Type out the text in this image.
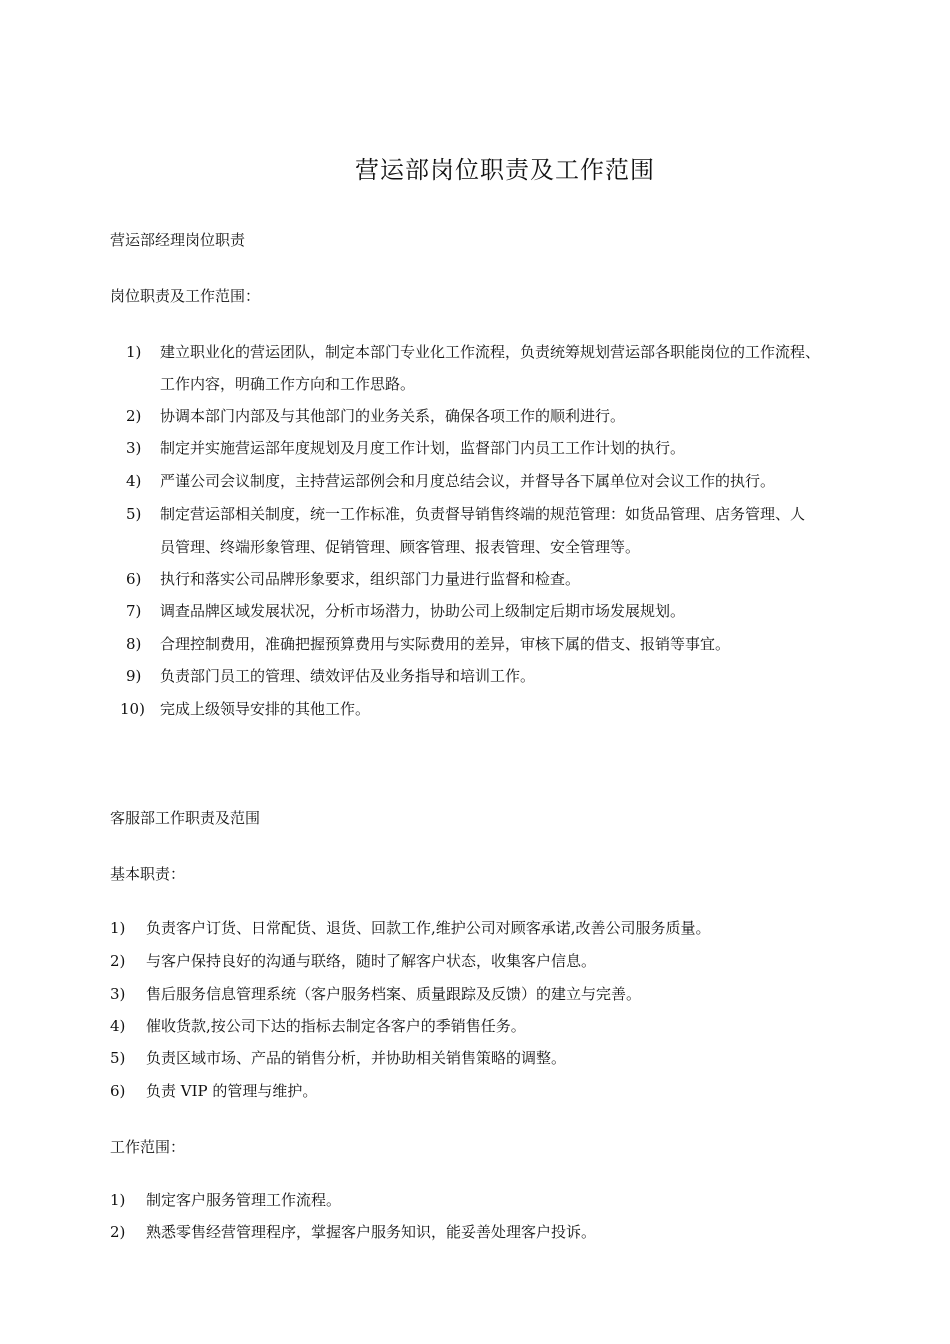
营运部岗位职责及工作范围
营运部经理岗位职责
岗位职责及工作范围：
1) 建立职业化的营运团队，制定本部门专业化工作流程，负责统筹规划营运部各职能岗位的工作流程、
工作内容，明确工作方向和工作思路。
2) 协调本部门内部及与其他部门的业务关系，确保各项工作的顺利进行。
3) 制定并实施营运部年度规划及月度工作计划，监督部门内员工工作计划的执行。
4) 严谨公司会议制度，主持营运部例会和月度总结会议，并督导各下属单位对会议工作的执行。
5) 制定营运部相关制度，统一工作标准，负责督导销售终端的规范管理：如货品管理、店务管理、人
员管理、终端形象管理、促销管理、顾客管理、报表管理、安全管理等。
6) 执行和落实公司品牌形象要求，组织部门力量进行监督和检查。
7) 调查品牌区域发展状况，分析市场潜力，协助公司上级制定后期市场发展规划。
8) 合理控制费用，准确把握预算费用与实际费用的差异，审核下属的借支、报销等事宜。
9) 负责部门员工的管理、绩效评估及业务指导和培训工作。
10) 完成上级领导安排的其他工作。
客服部工作职责及范围
基本职责：
1) 负责客户订货、日常配货、退货、回款工作,维护公司对顾客承诺,改善公司服务质量。
2) 与客户保持良好的沟通与联络，随时了解客户状态，收集客户信息。
3) 售后服务信息管理系统（客户服务档案、质量跟踪及反馈）的建立与完善。
4) 催收货款,按公司下达的指标去制定各客户的季销售任务。
5) 负责区域市场、产品的销售分析，并协助相关销售策略的调整。
6) 负责 VIP 的管理与维护。
工作范围：
1) 制定客户服务管理工作流程。
2) 熟悉零售经营管理程序，掌握客户服务知识，能妥善处理客户投诉。
